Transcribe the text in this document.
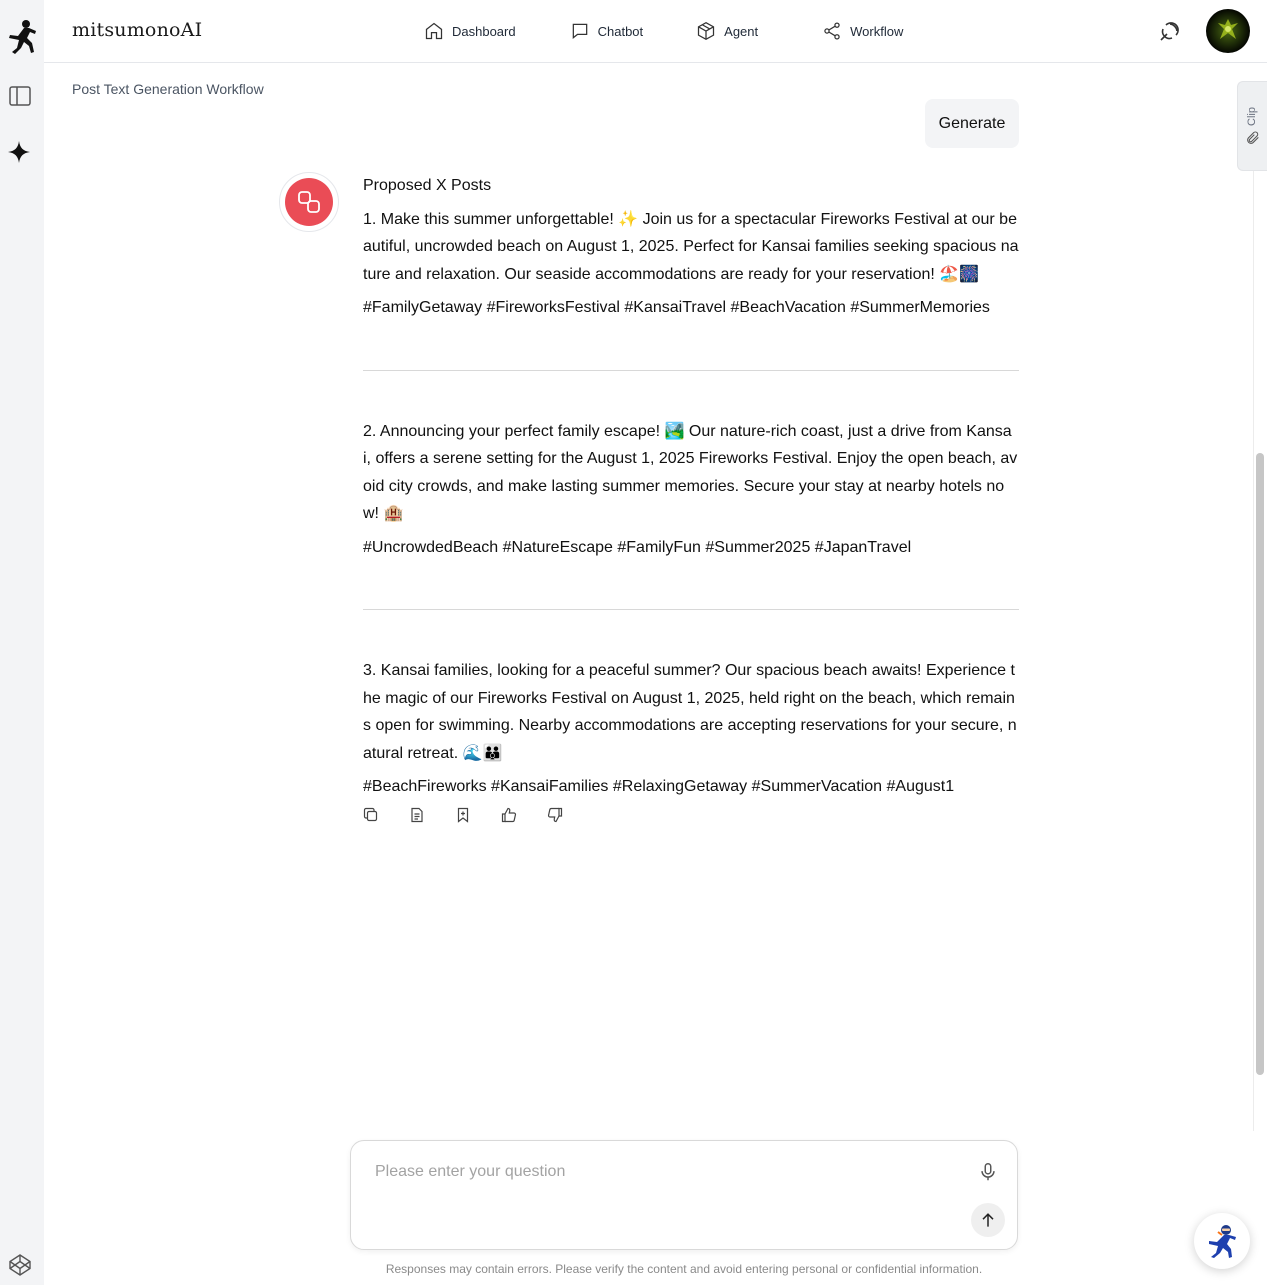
mitsumonoAI	Dashboard	Chatbot	Agent	Workflow
Post Text Generation Workflow
Generate	Clip
Proposed X Posts
1. Make this summer unforgettable! ✨ Join us for a spectacular Fireworks Festival at our beautiful, uncrowded beach on August 1, 2025. Perfect for Kansai families seeking spacious nature and relaxation. Our seaside accommodations are ready for your reservation! 🏖️🎆
#FamilyGetaway #FireworksFestival #KansaiTravel #BeachVacation #SummerMemories
2. Announcing your perfect family escape! 🏞️ Our nature-rich coast, just a drive from Kansai, offers a serene setting for the August 1, 2025 Fireworks Festival. Enjoy the open beach, avoid city crowds, and make lasting summer memories. Secure your stay at nearby hotels now! 🏨
#UncrowdedBeach #NatureEscape #FamilyFun #Summer2025 #JapanTravel
3. Kansai families, looking for a peaceful summer? Our spacious beach awaits! Experience the magic of our Fireworks Festival on August 1, 2025, held right on the beach, which remains open for swimming. Nearby accommodations are accepting reservations for your secure, natural retreat. 🌊👪
#BeachFireworks #KansaiFamilies #RelaxingGetaway #SummerVacation #August1
Please enter your question
Responses may contain errors. Please verify the content and avoid entering personal or confidential information.
